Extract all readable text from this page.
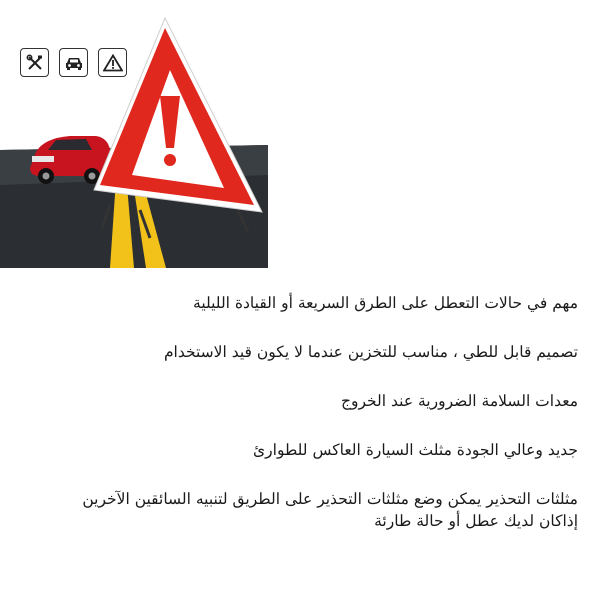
مهم في حالات التعطل على الطرق السريعة أو القيادة الليلية
تصميم قابل للطي ، مناسب للتخزين عندما لا يكون قيد الاستخدام
معدات السلامة الضرورية عند الخروج
جديد وعالي الجودة مثلث السيارة العاكس للطوارئ
مثلثات التحذير يمكن وضع مثلثات التحذير على الطريق لتنبيه السائقين الآخرين
إذاكان لديك عطل أو حالة طارئة
